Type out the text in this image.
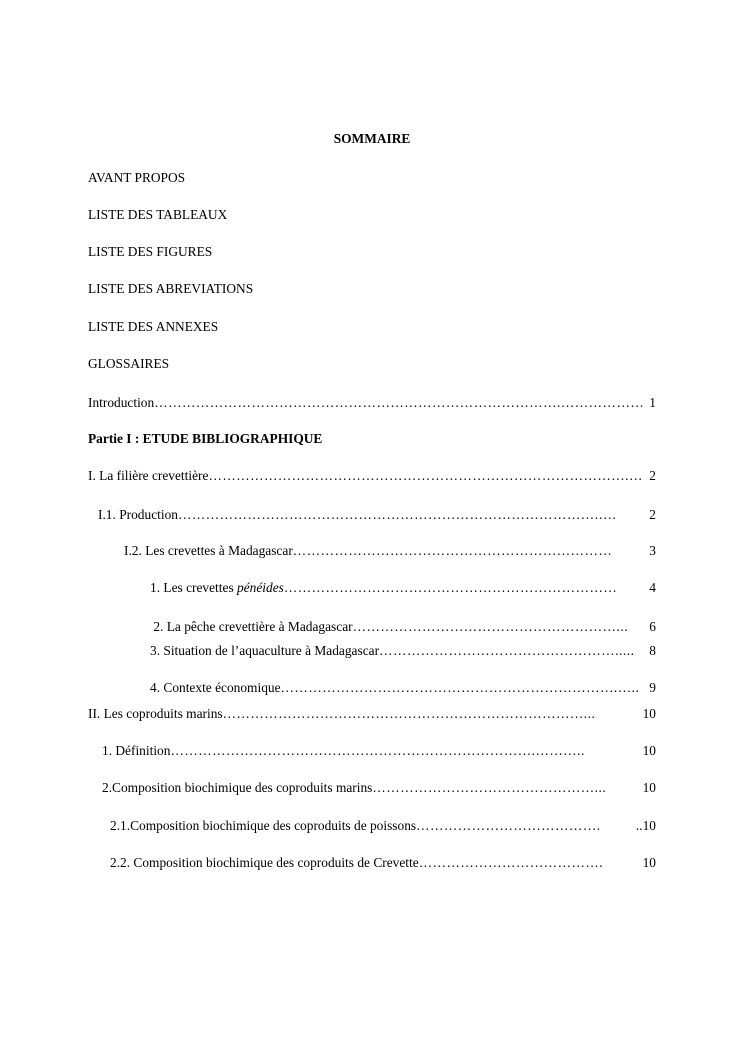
SOMMAIRE
AVANT PROPOS
LISTE DES TABLEAUX
LISTE DES FIGURES
LISTE DES ABREVIATIONS
LISTE DES ANNEXES
GLOSSAIRES
Introduction …………………………………………………………………………….……………… 1
Partie I : ETUDE BIBLIOGRAPHIQUE
I. La filière crevettière ……………………………………………………………………………….… 2
I.1. Production ……………………………………………………………………………….….	2
I.2. Les crevettes à Madagascar ……………………………………………………………	3
1. Les crevettes pénéides ………………………………………………………………	4
2. La pêche crevettière à Madagascar …………………………………………………...	6
3. Situation de l’aquaculture à Madagascar …………………………………………….....	8
4. Contexte économique ……………………………………………………………….….. 9
II. Les coproduits marins ……………………………………………………………………...	10
1. Définition …………………………………………………………………….………..	10
2.Composition biochimique des coproduits marins …………………………………………...	10
2.1.Composition biochimique des coproduits de poissons ………………………………….	..10
2.2. Composition biochimique des coproduits de Crevette ………………………………….	10
